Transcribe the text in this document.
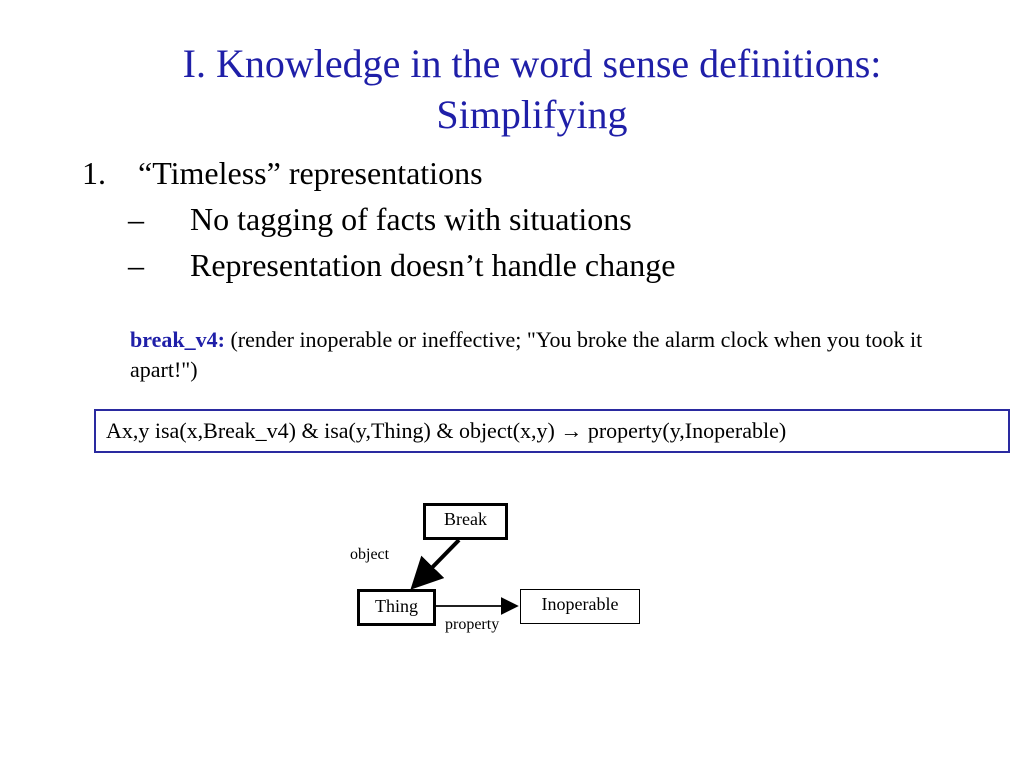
I. Knowledge in the word sense definitions:
Simplifying
1.	“Timeless” representations
–	No tagging of facts with situations
–	Representation doesn’t handle change
break_v4: (render inoperable or ineffective; "You broke the alarm clock when you took it apart!")
Ax,y isa(x,Break_v4) & isa(y,Thing) & object(x,y) → property(y,Inoperable)
Break
Thing	Inoperable
object
property
